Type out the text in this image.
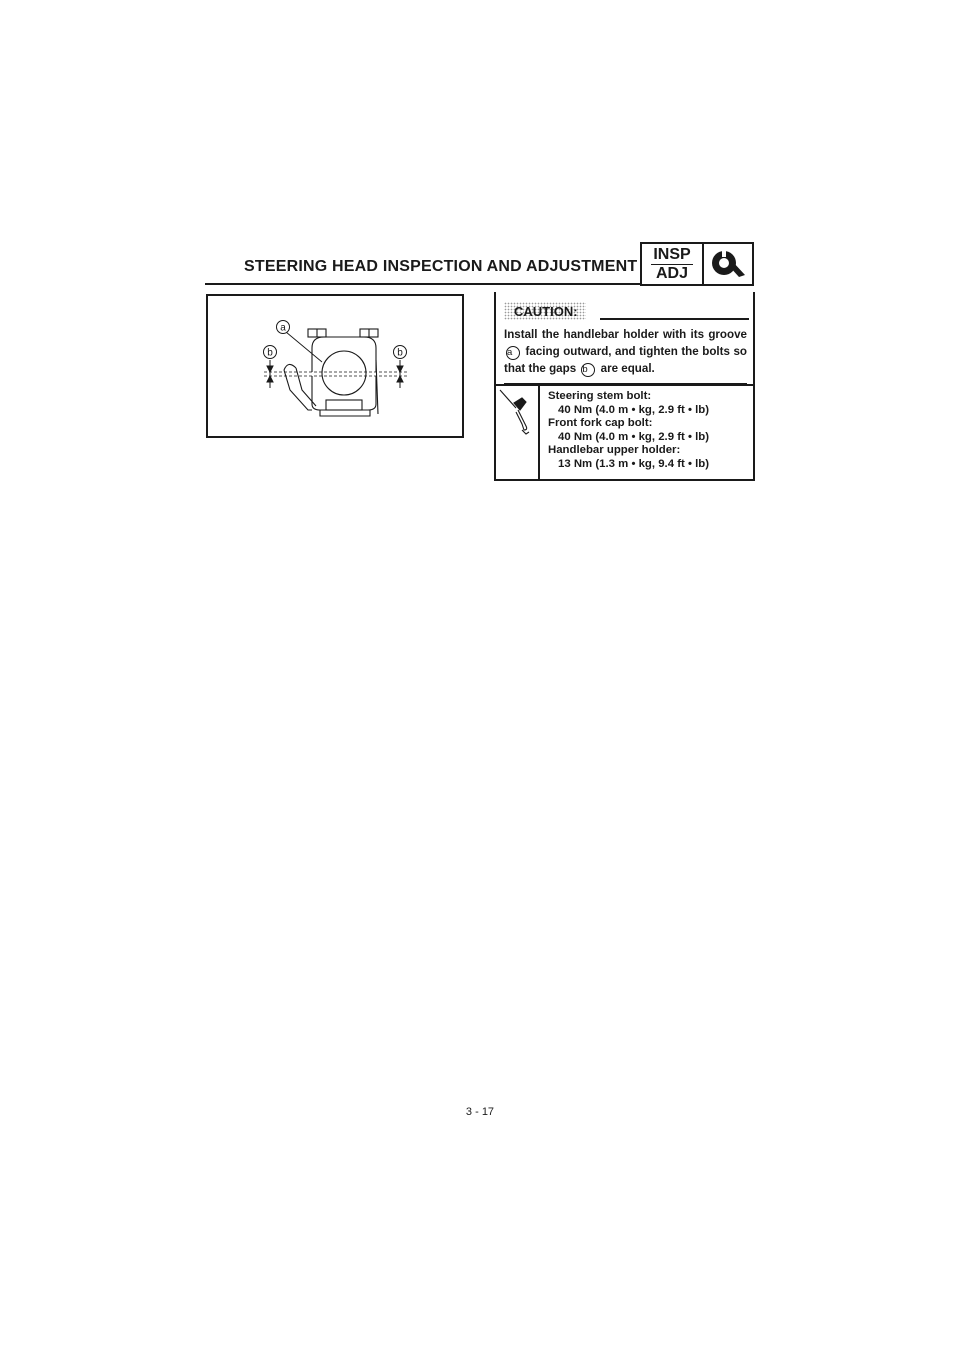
STEERING HEAD INSPECTION AND ADJUSTMENT
INSP
ADJ
a
b	b
CAUTION:
Install the handlebar holder with its groove a facing outward, and tighten the bolts so that the gaps b are equal.
Steering stem bolt:
40 Nm (4.0 m • kg, 2.9 ft • lb)
Front fork cap bolt:
40 Nm (4.0 m • kg, 2.9 ft • lb)
Handlebar upper holder:
13 Nm (1.3 m • kg, 9.4 ft • lb)
3 - 17
